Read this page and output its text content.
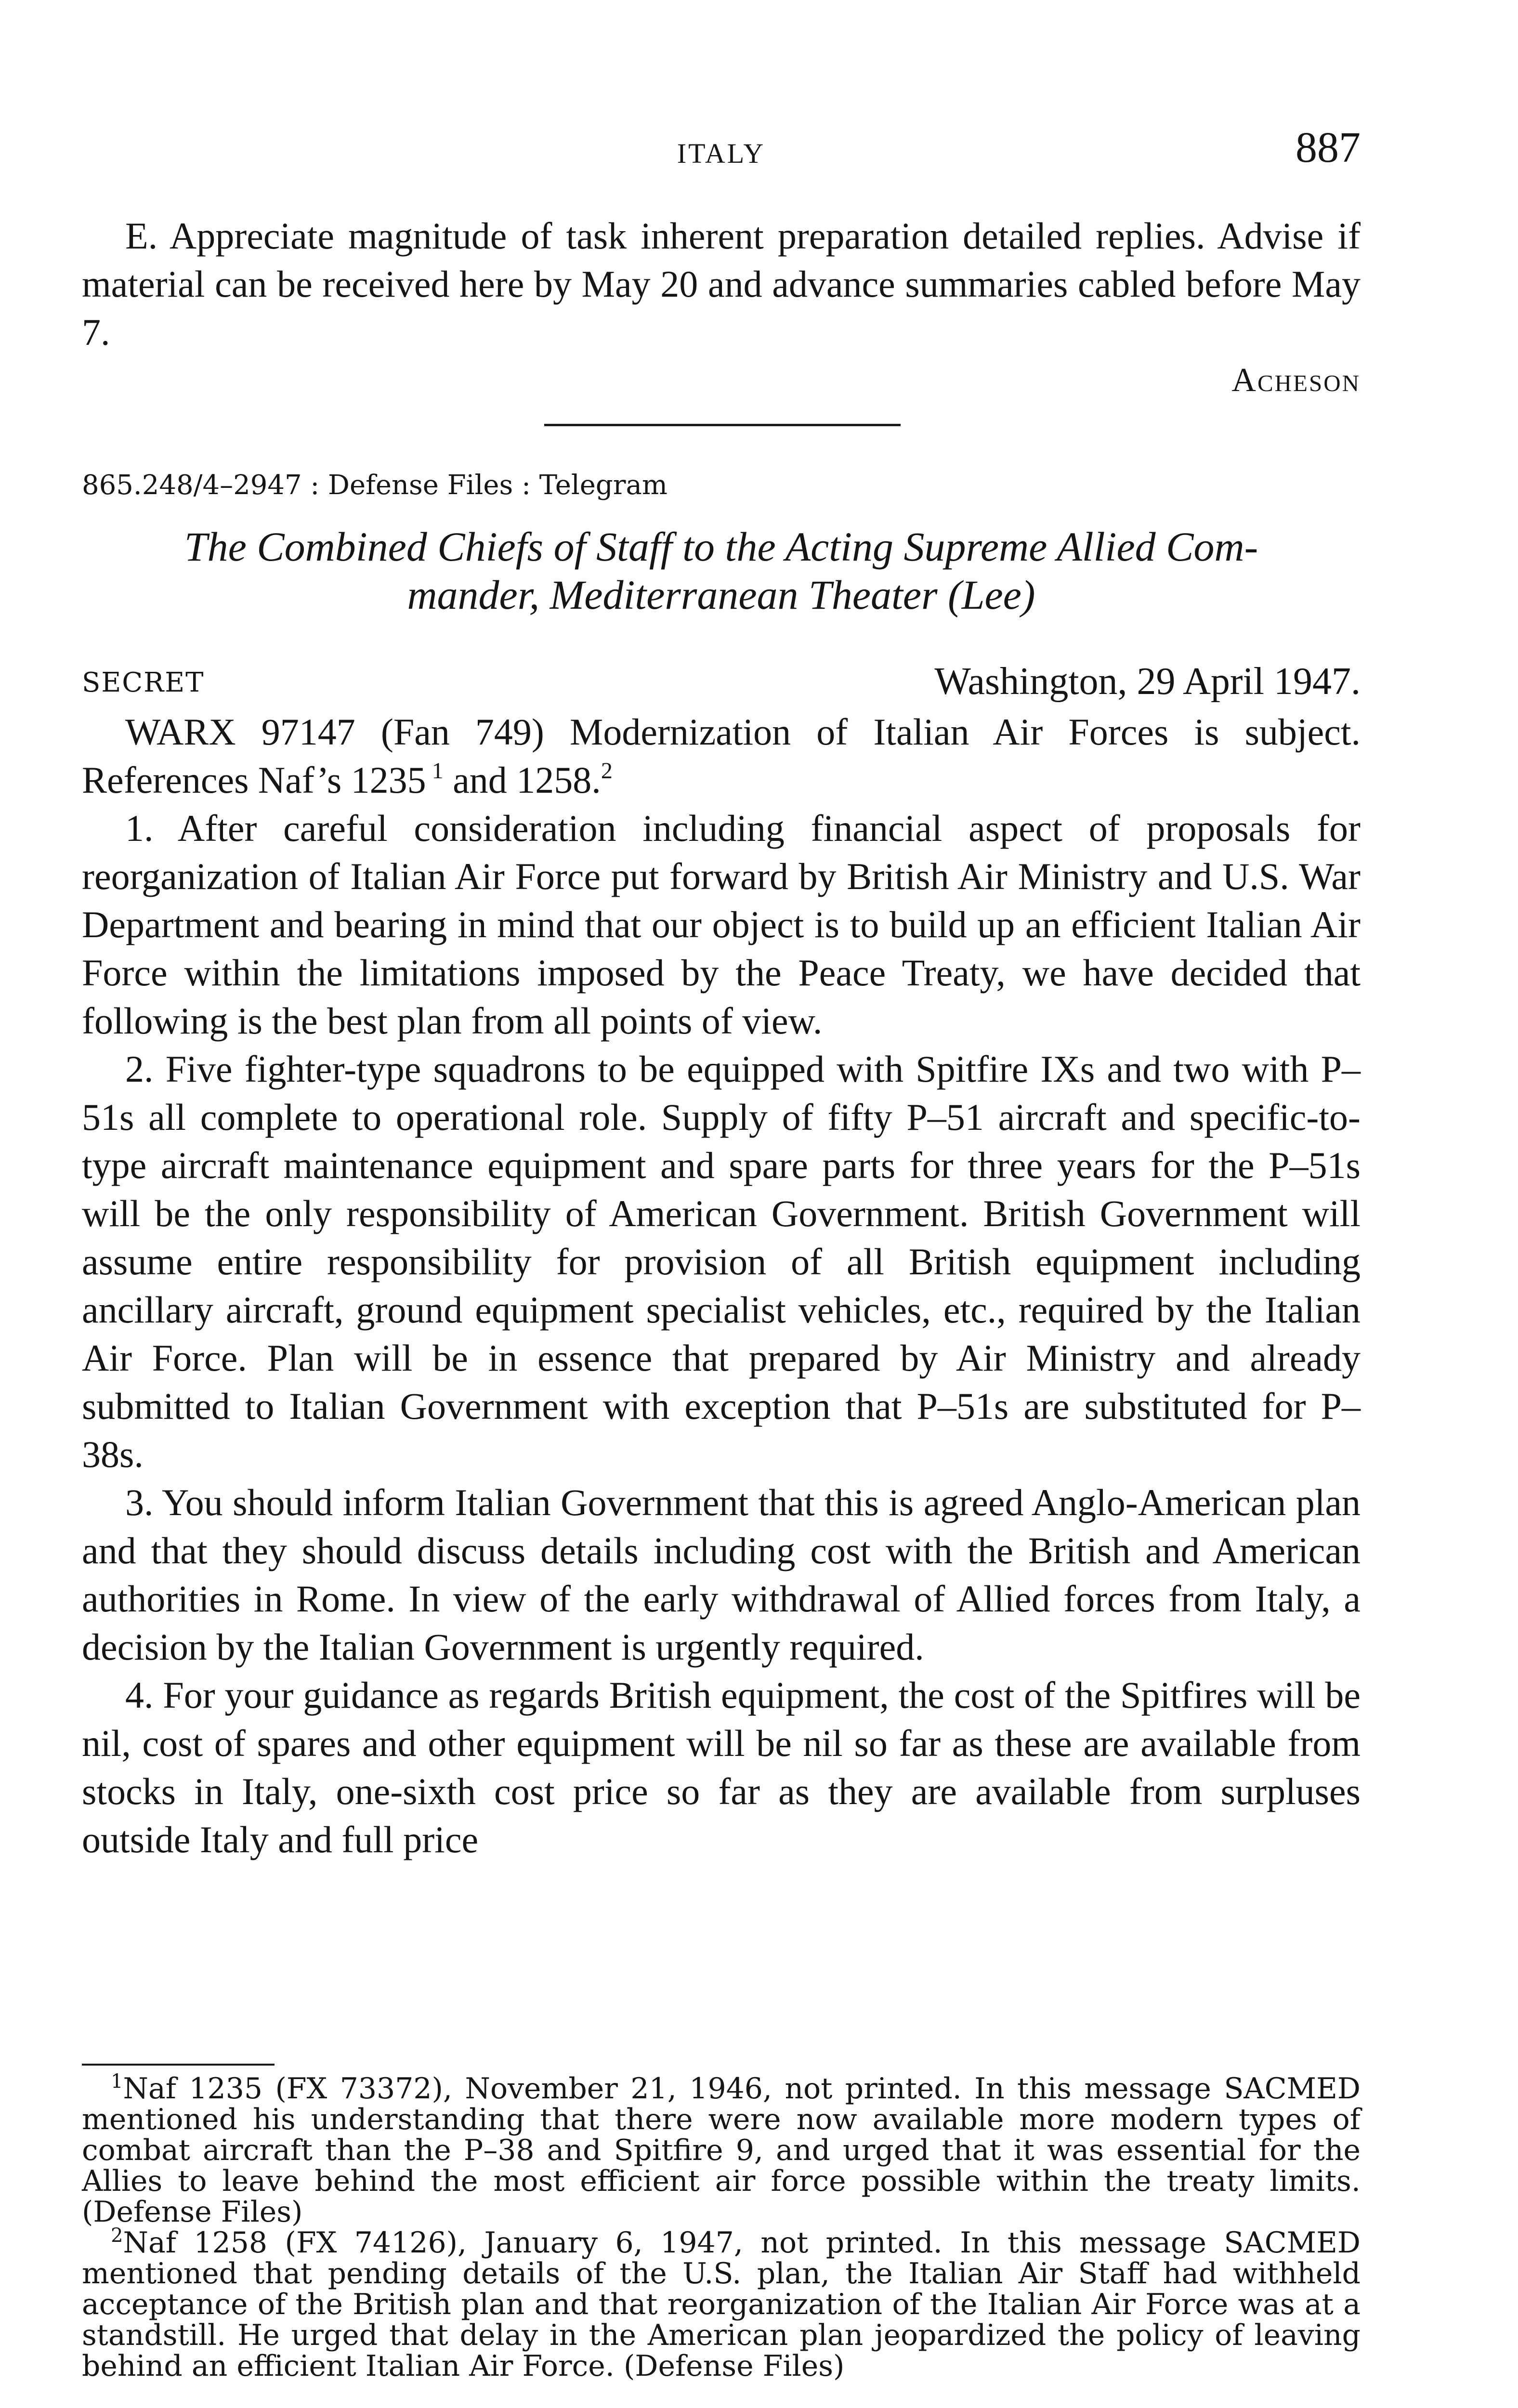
ITALY	887

E. Appreciate magnitude of task inherent preparation detailed replies. Advise if material can be received here by May 20 and advance summaries cabled before May 7.

Acheson
865.248/4–2947 : Defense Files : Telegram
The Combined Chiefs of Staff to the Acting Supreme Allied Com-
mander, Mediterranean Theater (Lee)
SECRET	Washington, 29 April 1947.

WARX 97147 (Fan 749) Modernization of Italian Air Forces is subject. References Naf’s 1235 $^1$ and 1258.$^2$

1. After careful consideration including financial aspect of proposals for reorganization of Italian Air Force put forward by British Air Ministry and U.S. War Department and bearing in mind that our object is to build up an efficient Italian Air Force within the limitations imposed by the Peace Treaty, we have decided that following is the best plan from all points of view.

2. Five fighter-type squadrons to be equipped with Spitfire IXs and two with P–51s all complete to operational role. Supply of fifty P–51 aircraft and specific-to-type aircraft maintenance equipment and spare parts for three years for the P–51s will be the only responsibility of American Government. British Government will assume entire responsibility for provision of all British equipment including ancillary aircraft, ground equipment specialist vehicles, etc., required by the Italian Air Force. Plan will be in essence that prepared by Air Ministry and already submitted to Italian Government with exception that P–51s are substituted for P–38s.

3. You should inform Italian Government that this is agreed Anglo-American plan and that they should discuss details including cost with the British and American authorities in Rome. In view of the early withdrawal of Allied forces from Italy, a decision by the Italian Government is urgently required.

4. For your guidance as regards British equipment, the cost of the Spitfires will be nil, cost of spares and other equipment will be nil so far as these are available from stocks in Italy, one-sixth cost price so far as they are available from surpluses outside Italy and full price

$^1$Naf 1235 (FX 73372), November 21, 1946, not printed. In this message SACMED mentioned his understanding that there were now available more modern types of combat aircraft than the P–38 and Spitfire 9, and urged that it was essential for the Allies to leave behind the most efficient air force possible within the treaty limits. (Defense Files)

$^2$Naf 1258 (FX 74126), January 6, 1947, not printed. In this message SACMED mentioned that pending details of the U.S. plan, the Italian Air Staff had withheld acceptance of the British plan and that reorganization of the Italian Air Force was at a standstill. He urged that delay in the American plan jeopardized the policy of leaving behind an efficient Italian Air Force. (Defense Files)
